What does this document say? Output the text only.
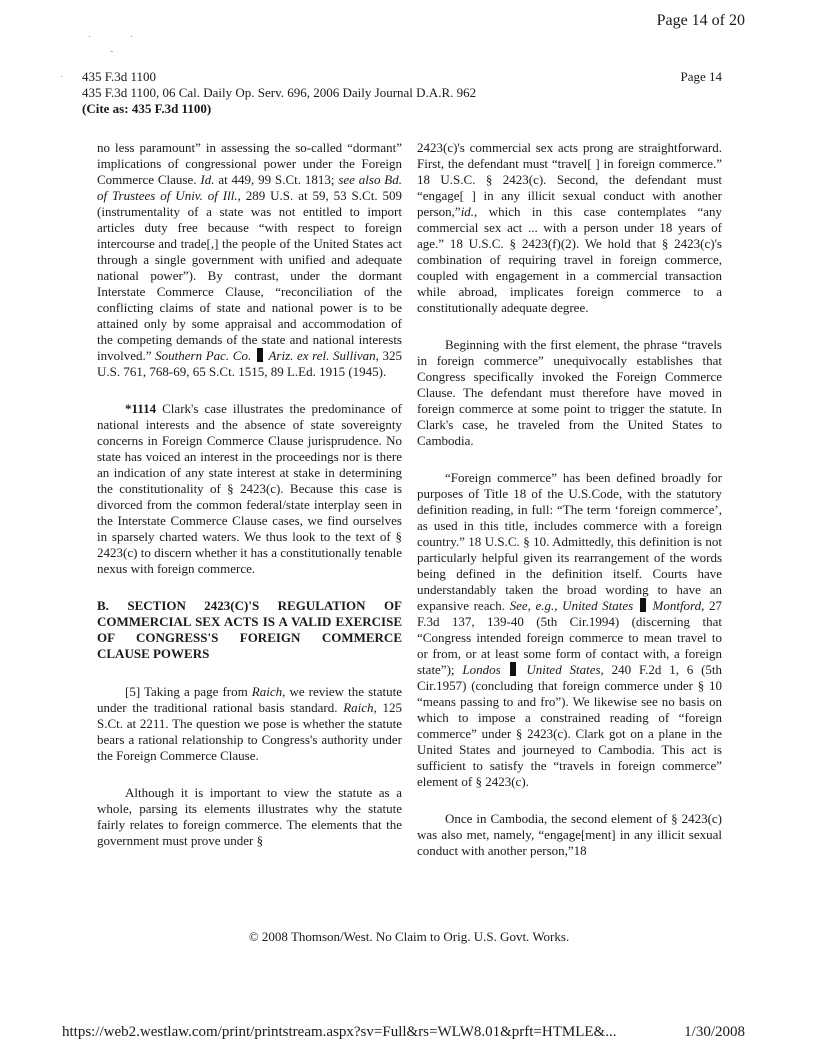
Page 14 of 20
· ·
-
· 435 F.3d 1100
435 F.3d 1100, 06 Cal. Daily Op. Serv. 696, 2006 Daily Journal D.A.R. 962
(Cite as: 435 F.3d 1100)
Page 14

no less paramount” in assessing the so-called “dormant” implications of congressional power under the Foreign Commerce Clause. Id. at 449, 99 S.Ct. 1813; see also Bd. of Trustees of Univ. of Ill., 289 U.S. at 59, 53 S.Ct. 509 (instrumentality of a state was not entitled to import articles duty free because “with respect to foreign intercourse and trade[,] the people of the United States act through a single government with unified and adequate national power”). By contrast, under the dormant Interstate Commerce Clause, “reconciliation of the conflicting claims of state and national power is to be attained only by some appraisal and accommodation of the competing demands of the state and national interests involved.” Southern Pac. Co. Ariz. ex rel. Sullivan, 325 U.S. 761, 768-69, 65 S.Ct. 1515, 89 L.Ed. 1915 (1945).

*1114 Clark's case illustrates the predominance of national interests and the absence of state sovereignty concerns in Foreign Commerce Clause jurisprudence. No state has voiced an interest in the proceedings nor is there an indication of any state interest at stake in determining the constitutionality of § 2423(c). Because this case is divorced from the common federal/state interplay seen in the Interstate Commerce Clause cases, we find ourselves in sparsely charted waters. We thus look to the text of § 2423(c) to discern whether it has a constitutionally tenable nexus with foreign commerce.

B. SECTION 2423(C)'S REGULATION OF COMMERCIAL SEX ACTS IS A VALID EXERCISE OF CONGRESS'S FOREIGN COMMERCE CLAUSE POWERS

[5] Taking a page from Raich, we review the statute under the traditional rational basis standard. Raich, 125 S.Ct. at 2211. The question we pose is whether the statute bears a rational relationship to Congress's authority under the Foreign Commerce Clause.

Although it is important to view the statute as a whole, parsing its elements illustrates why the statute fairly relates to foreign commerce. The elements that the government must prove under §

2423(c)'s commercial sex acts prong are straightforward. First, the defendant must “travel[ ] in foreign commerce.” 18 U.S.C. § 2423(c). Second, the defendant must “engage[ ] in any illicit sexual conduct with another person,”id., which in this case contemplates “any commercial sex act ... with a person under 18 years of age.” 18 U.S.C. § 2423(f)(2). We hold that § 2423(c)'s combination of requiring travel in foreign commerce, coupled with engagement in a commercial transaction while abroad, implicates foreign commerce to a constitutionally adequate degree.

Beginning with the first element, the phrase “travels in foreign commerce” unequivocally establishes that Congress specifically invoked the Foreign Commerce Clause. The defendant must therefore have moved in foreign commerce at some point to trigger the statute. In Clark's case, he traveled from the United States to Cambodia.

“Foreign commerce” has been defined broadly for purposes of Title 18 of the U.S.Code, with the statutory definition reading, in full: “The term ‘foreign commerce’, as used in this title, includes commerce with a foreign country.” 18 U.S.C. § 10. Admittedly, this definition is not particularly helpful given its rearrangement of the words being defined in the definition itself. Courts have understandably taken the broad wording to have an expansive reach. See, e.g., United States Montford, 27 F.3d 137, 139-40 (5th Cir.1994) (discerning that “Congress intended foreign commerce to mean travel to or from, or at least some form of contact with, a foreign state”); Londos United States, 240 F.2d 1, 6 (5th Cir.1957) (concluding that foreign commerce under § 10 “means passing to and fro”). We likewise see no basis on which to impose a constrained reading of “foreign commerce” under § 2423(c). Clark got on a plane in the United States and journeyed to Cambodia. This act is sufficient to satisfy the “travels in foreign commerce” element of § 2423(c).

Once in Cambodia, the second element of § 2423(c) was also met, namely, “engage[ment] in any illicit sexual conduct with another person,”18

© 2008 Thomson/West. No Claim to Orig. U.S. Govt. Works.
https://web2.westlaw.com/print/printstream.aspx?sv=Full&rs=WLW8.01&prft=HTMLE&...	1/30/2008
